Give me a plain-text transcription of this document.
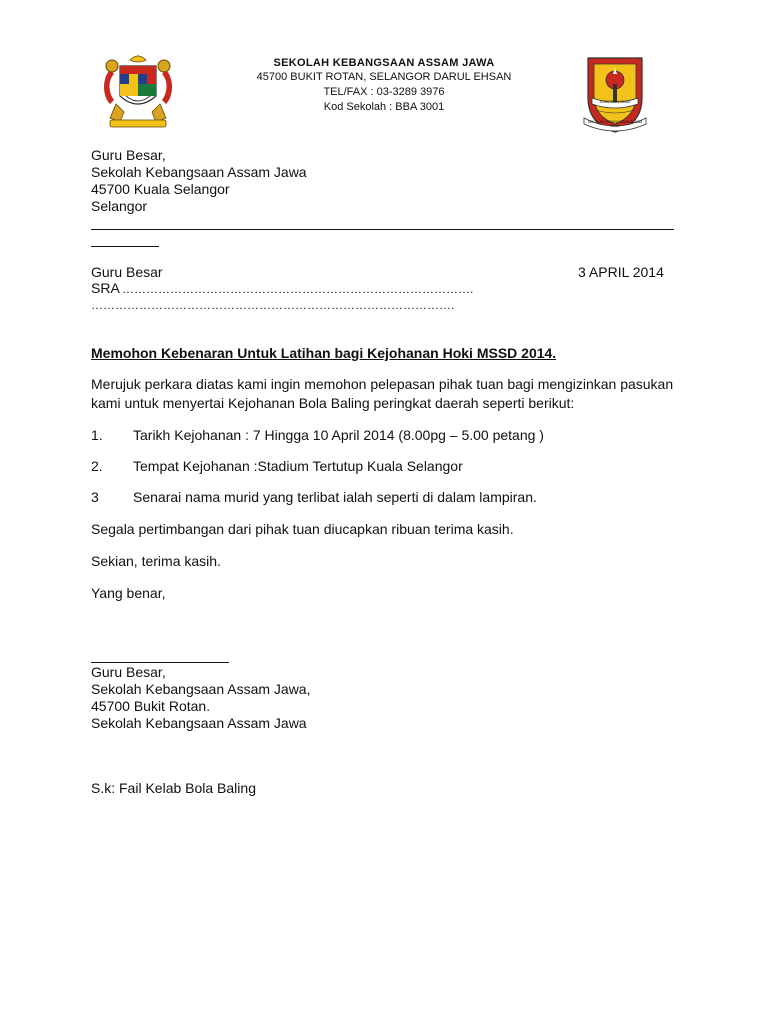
SEKOLAH KEBANGSAAN ASSAM JAWA
45700 BUKIT ROTAN, SELANGOR DARUL EHSAN
TEL/FAX : 03-3289 3976
Kod Sekolah : BBA 3001	ILMU DAN JASA
SEKOLAH KEBANGSAAN ASSAM JAWA
Guru Besar,
Sekolah Kebangsaan Assam Jawa
45700 Kuala Selangor
Selangor
Guru Besar	3 APRIL 2014
SRA …………………………………………………………………………….
……………………………………………………………………………….
Memohon Kebenaran Untuk Latihan bagi Kejohanan Hoki MSSD 2014.
Merujuk perkara diatas kami ingin memohon pelepasan pihak tuan bagi mengizinkan pasukan kami untuk menyertai Kejohanan Bola Baling peringkat daerah seperti berikut:
1. Tarikh Kejohanan : 7 Hingga 10 April 2014 (8.00pg – 5.00 petang )
2. Tempat Kejohanan :Stadium Tertutup Kuala Selangor
3 Senarai nama murid yang terlibat ialah seperti di dalam lampiran.
Segala pertimbangan dari pihak tuan diucapkan ribuan terima kasih.
Sekian, terima kasih.
Yang benar,
Guru Besar,
Sekolah Kebangsaan Assam Jawa,
45700 Bukit Rotan.
Sekolah Kebangsaan Assam Jawa
S.k: Fail Kelab Bola Baling
